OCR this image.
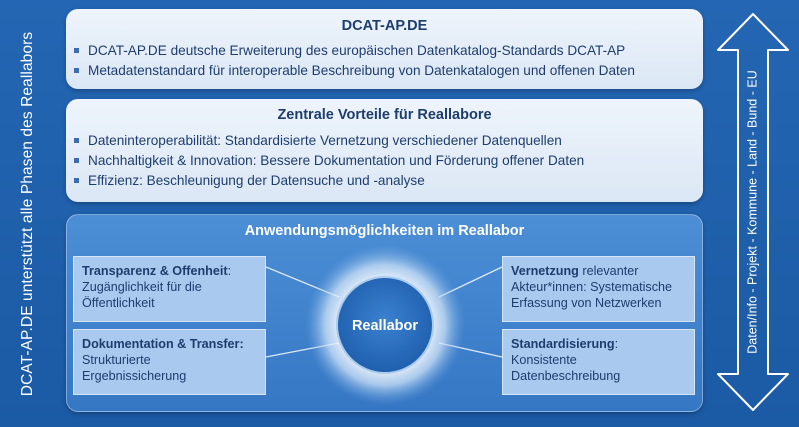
DCAT-AP.DE unterstützt alle Phasen des Reallabors
DCAT-AP.DE
DCAT-AP.DE deutsche Erweiterung des europäischen Datenkatalog-Standards DCAT-AP
Metadatenstandard für interoperable Beschreibung von Datenkatalogen und offenen Daten
Zentrale Vorteile für Reallabore
Dateninteroperabilität: Standardisierte Vernetzung verschiedener Datenquellen
Nachhaltigkeit & Innovation: Bessere Dokumentation und Förderung offener Daten
Effizienz: Beschleunigung der Datensuche und -analyse
Reallabor
Anwendungsmöglichkeiten im Reallabor
Transparenz & Offenheit:
Zugänglichkeit für die Öffentlichkeit
Dokumentation & Transfer:
Strukturierte Ergebnissicherung
Vernetzung relevanter
Akteur*innen: Systematische Erfassung von Netzwerken
Standardisierung:
Konsistente Datenbeschreibung
Daten/Info - Projekt - Kommune - Land - Bund - EU
